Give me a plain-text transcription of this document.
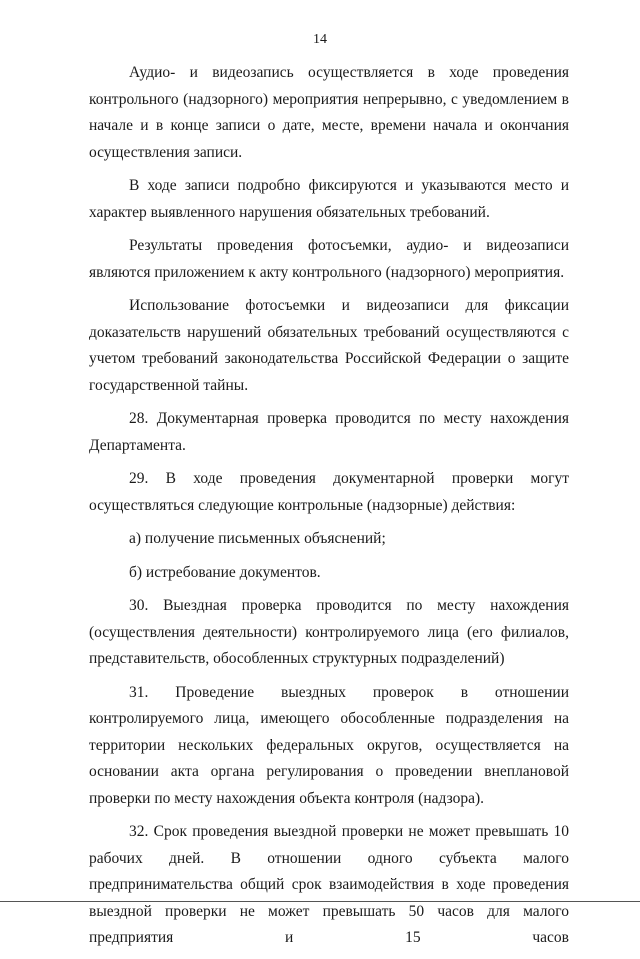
14

Аудио- и видеозапись осуществляется в ходе проведения контрольного (надзорного) мероприятия непрерывно, с уведомлением в начале и в конце записи о дате, месте, времени начала и окончания осуществления записи.

В ходе записи подробно фиксируются и указываются место и характер выявленного нарушения обязательных требований.

Результаты проведения фотосъемки, аудио- и видеозаписи являются приложением к акту контрольного (надзорного) мероприятия.

Использование фотосъемки и видеозаписи для фиксации доказательств нарушений обязательных требований осуществляются с учетом требований законодательства Российской Федерации о защите государственной тайны.

28. Документарная проверка проводится по месту нахождения Департамента.

29. В ходе проведения документарной проверки могут осуществляться следующие контрольные (надзорные) действия:

а) получение письменных объяснений;

б) истребование документов.

30. Выездная проверка проводится по месту нахождения (осуществления деятельности) контролируемого лица (его филиалов, представительств, обособленных структурных подразделений)

31. Проведение выездных проверок в отношении контролируемого лица, имеющего обособленные подразделения на территории нескольких федеральных округов, осуществляется на основании акта органа регулирования о проведении внеплановой проверки по месту нахождения объекта контроля (надзора).

32. Срок проведения выездной проверки не может превышать 10 рабочих дней. В отношении одного субъекта малого предпринимательства общий срок взаимодействия в ходе проведения выездной проверки не может превышать 50 часов для малого предприятия и 15 часов
